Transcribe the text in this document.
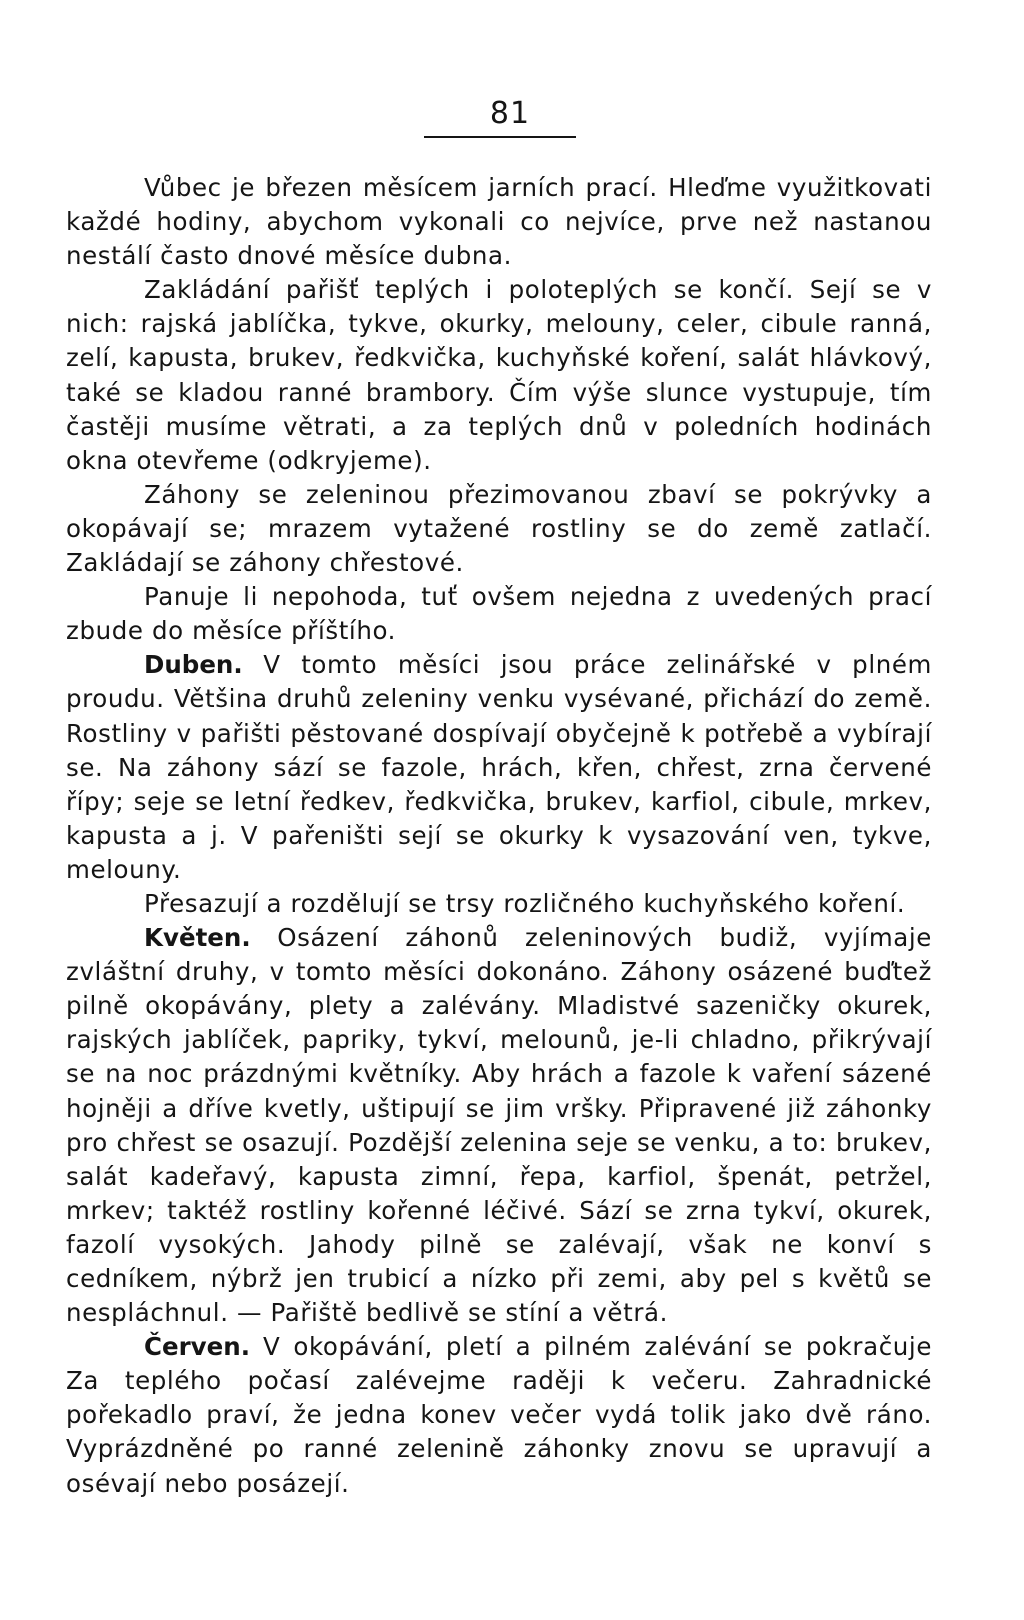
81

Vůbec je březen měsícem jarních prací. Hleďme využitkovati každé hodiny, abychom vykonali co nejvíce, prve než nastanou nestálí často dnové měsíce dubna.

Zakládání pařišť teplých i poloteplých se končí. Sejí se v nich: rajská jablíčka, tykve, okurky, melouny, celer, cibule ranná, zelí, kapusta, brukev, ředkvička, kuchyňské koření, salát hlávkový, také se kladou ranné brambory. Čím výše slunce vystupuje, tím častěji musíme větrati, a za teplých dnů v poledních hodinách okna otevřeme (odkryjeme).

Záhony se zeleninou přezimovanou zbaví se pokrývky a okopávají se; mrazem vytažené rostliny se do země zatlačí. Zakládají se záhony chřestové.

Panuje li nepohoda, tuť ovšem nejedna z uvedených prací zbude do měsíce příštího.

Duben. V tomto měsíci jsou práce zelinářské v plném proudu. Většina druhů zeleniny venku vysévané, přichází do země. Rostliny v pařišti pěstované dospívají obyčejně k potřebě a vybírají se. Na záhony sází se fazole, hrách, křen, chřest, zrna červené řípy; seje se letní ředkev, ředkvička, brukev, karfiol, cibule, mrkev, kapusta a j. V pařeništi sejí se okurky k vysazování ven, tykve, melouny.

Přesazují a rozdělují se trsy rozličného kuchyňského koření.

Květen. Osázení záhonů zeleninových budiž, vyjímaje zvláštní druhy, v tomto měsíci dokonáno. Záhony osázené buďtež pilně okopávány, plety a zalévány. Mladistvé sazeničky okurek, rajských jablíček, papriky, tykví, melounů, je-li chladno, přikrývají se na noc prázdnými květníky. Aby hrách a fazole k vaření sázené hojněji a dříve kvetly, uštipují se jim vršky. Připravené již záhonky pro chřest se osazují. Pozdější zelenina seje se venku, a to: brukev, salát kadeřavý, kapusta zimní, řepa, karfiol, špenát, petržel, mrkev; taktéž rostliny kořenné léčivé. Sází se zrna tykví, okurek, fazolí vysokých. Jahody pilně se zalévají, však ne konví s cedníkem, nýbrž jen trubicí a nízko při zemi, aby pel s květů se nespláchnul. — Pařiště bedlivě se stíní a větrá.

Červen. V okopávání, pletí a pilném zalévání se pokračuje Za teplého počasí zalévejme raději k večeru. Zahradnické pořekadlo praví, že jedna konev večer vydá tolik jako dvě ráno. Vyprázdněné po ranné zelenině záhonky znovu se upravují a osévají nebo posázejí.
